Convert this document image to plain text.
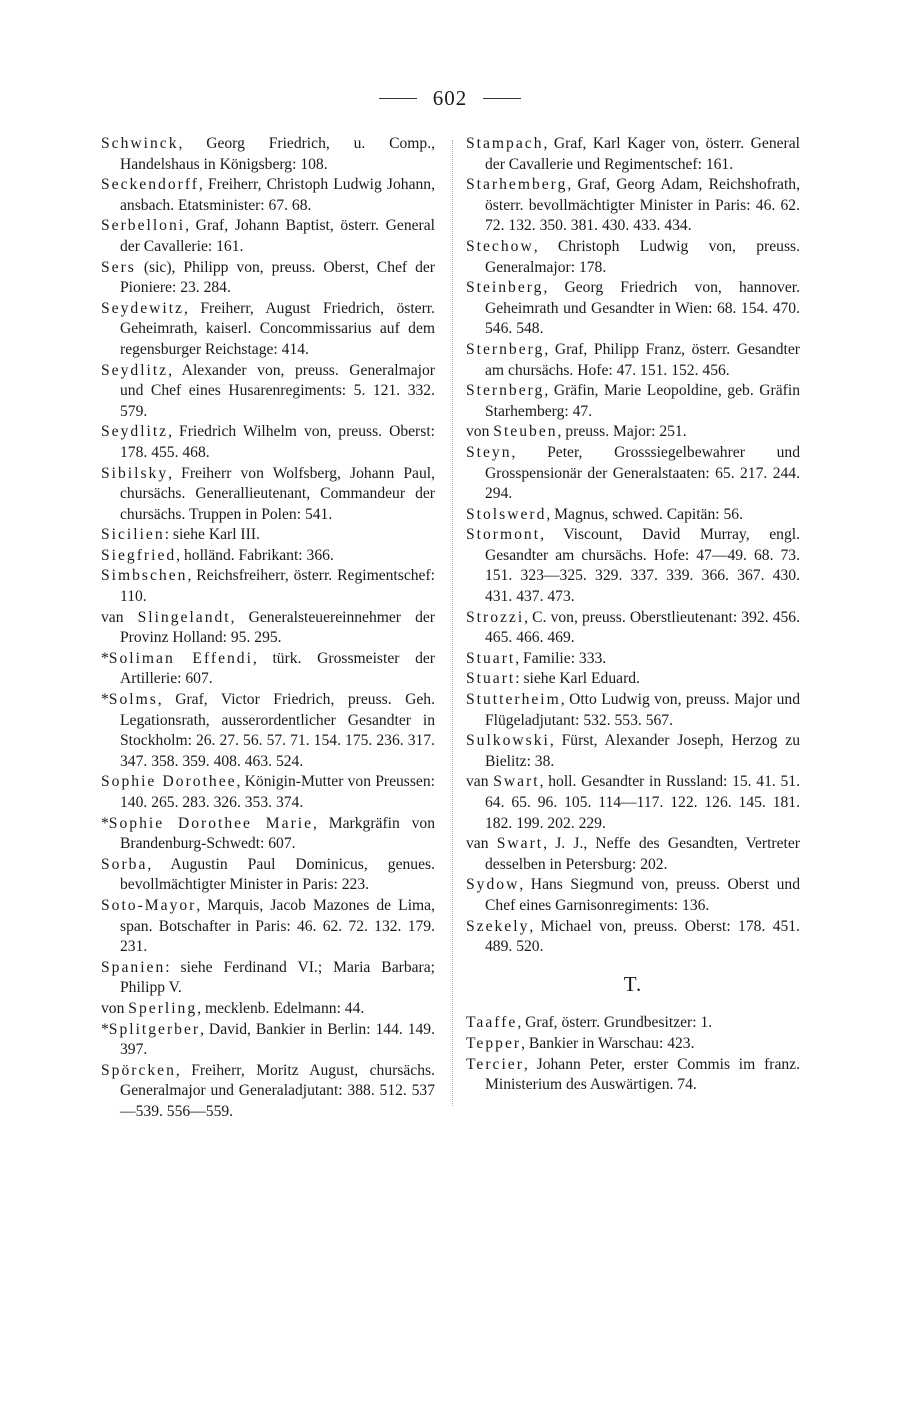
602
Schwinck, Georg Friedrich, u. Comp., Handelshaus in Königsberg: 108.
Seckendorff, Freiherr, Christoph Ludwig Johann, ansbach. Etatsminister: 67. 68.
Serbelloni, Graf, Johann Baptist, österr. General der Cavallerie: 161.
Sers (sic), Philipp von, preuss. Oberst, Chef der Pioniere: 23. 284.
Seydewitz, Freiherr, August Friedrich, österr. Geheimrath, kaiserl. Concommissarius auf dem regensburger Reichstage: 414.
Seydlitz, Alexander von, preuss. Generalmajor und Chef eines Husarenregiments: 5. 121. 332. 579.
Seydlitz, Friedrich Wilhelm von, preuss. Oberst: 178. 455. 468.
Sibilsky, Freiherr von Wolfsberg, Johann Paul, chursächs. Generallieutenant, Commandeur der chursächs. Truppen in Polen: 541.
Sicilien: siehe Karl III.
Siegfried, holländ. Fabrikant: 366.
Simbschen, Reichsfreiherr, österr. Regimentschef: 110.
van Slingelandt, Generalsteuereinnehmer der Provinz Holland: 95. 295.
*Soliman Effendi, türk. Grossmeister der Artillerie: 607.
*Solms, Graf, Victor Friedrich, preuss. Geh. Legationsrath, ausserordentlicher Gesandter in Stockholm: 26. 27. 56. 57. 71. 154. 175. 236. 317. 347. 358. 359. 408. 463. 524.
Sophie Dorothee, Königin-Mutter von Preussen: 140. 265. 283. 326. 353. 374.
*Sophie Dorothee Marie, Markgräfin von Brandenburg-Schwedt: 607.
Sorba, Augustin Paul Dominicus, genues. bevollmächtigter Minister in Paris: 223.
Soto-Mayor, Marquis, Jacob Mazones de Lima, span. Botschafter in Paris: 46. 62. 72. 132. 179. 231.
Spanien: siehe Ferdinand VI.; Maria Barbara; Philipp V.
von Sperling, mecklenb. Edelmann: 44.
*Splitgerber, David, Bankier in Berlin: 144. 149. 397.
Spörcken, Freiherr, Moritz August, chursächs. Generalmajor und Generaladjutant: 388. 512. 537—539. 556—559.
Stampach, Graf, Karl Kager von, österr. General der Cavallerie und Regimentschef: 161.
Starhemberg, Graf, Georg Adam, Reichshofrath, österr. bevollmächtigter Minister in Paris: 46. 62. 72. 132. 350. 381. 430. 433. 434.
Stechow, Christoph Ludwig von, preuss. Generalmajor: 178.
Steinberg, Georg Friedrich von, hannover. Geheimrath und Gesandter in Wien: 68. 154. 470. 546. 548.
Sternberg, Graf, Philipp Franz, österr. Gesandter am chursächs. Hofe: 47. 151. 152. 456.
Sternberg, Gräfin, Marie Leopoldine, geb. Gräfin Starhemberg: 47.
von Steuben, preuss. Major: 251.
Steyn, Peter, Grosssiegelbewahrer und Grosspensionär der Generalstaaten: 65. 217. 244. 294.
Stolswerd, Magnus, schwed. Capitän: 56.
Stormont, Viscount, David Murray, engl. Gesandter am chursächs. Hofe: 47—49. 68. 73. 151. 323—325. 329. 337. 339. 366. 367. 430. 431. 437. 473.
Strozzi, C. von, preuss. Oberstlieutenant: 392. 456. 465. 466. 469.
Stuart, Familie: 333.
Stuart: siehe Karl Eduard.
Stutterheim, Otto Ludwig von, preuss. Major und Flügeladjutant: 532. 553. 567.
Sulkowski, Fürst, Alexander Joseph, Herzog zu Bielitz: 38.
van Swart, holl. Gesandter in Russland: 15. 41. 51. 64. 65. 96. 105. 114—117. 122. 126. 145. 181. 182. 199. 202. 229.
van Swart, J. J., Neffe des Gesandten, Vertreter desselben in Petersburg: 202.
Sydow, Hans Siegmund von, preuss. Oberst und Chef eines Garnisonregiments: 136.
Szekely, Michael von, preuss. Oberst: 178. 451. 489. 520.
T.
Taaffe, Graf, österr. Grundbesitzer: 1.
Tepper, Bankier in Warschau: 423.
Tercier, Johann Peter, erster Commis im franz. Ministerium des Auswärtigen. 74.
